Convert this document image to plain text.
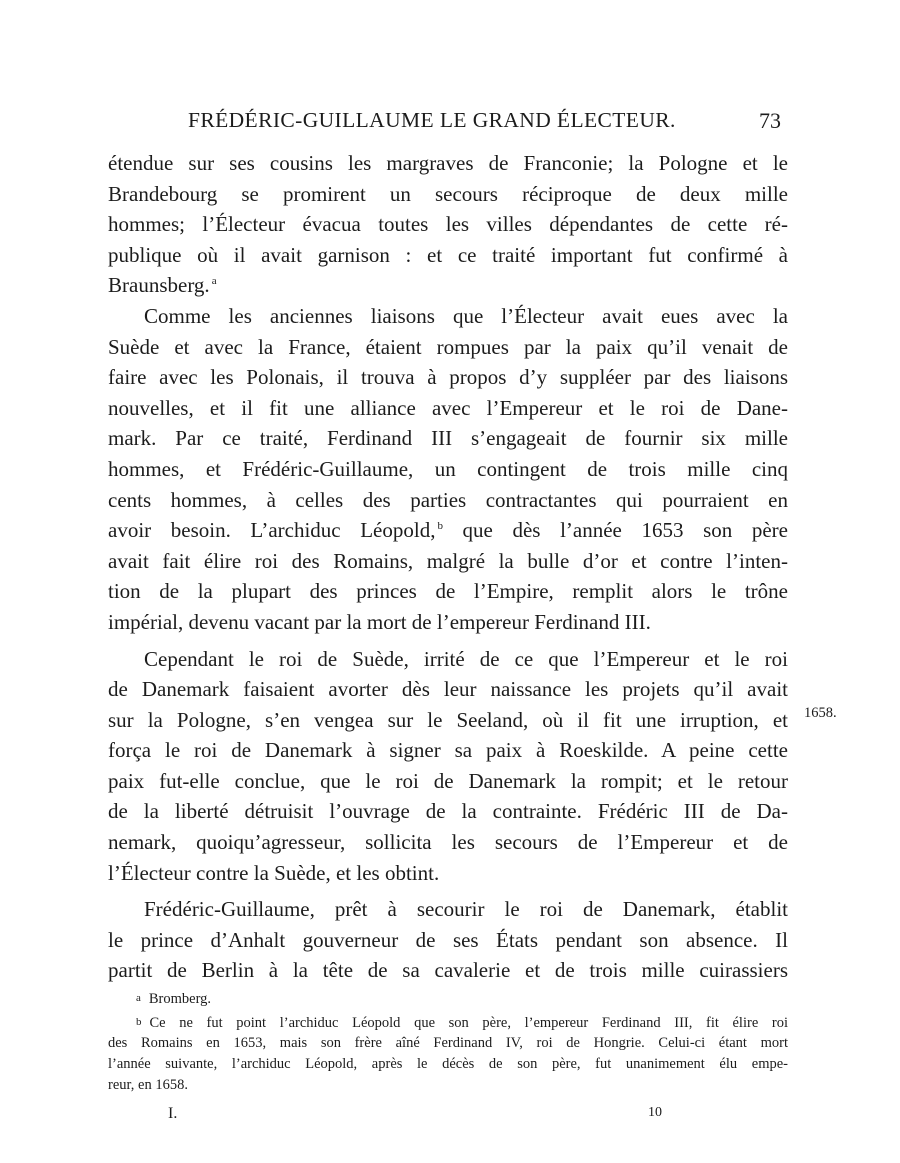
FRÉDÉRIC-GUILLAUME LE GRAND ÉLECTEUR.	73
étendue sur ses cousins les margraves de Franconie; la Pologne et le
Brandebourg se promirent un secours réciproque de deux mille
hommes; l’Électeur évacua toutes les villes dépendantes de cette ré-
publique où il avait garnison : et ce traité important fut confirmé à
Braunsberg. $^a$
Comme les anciennes liaisons que l’Électeur avait eues avec la
Suède et avec la France, étaient rompues par la paix qu’il venait de
faire avec les Polonais, il trouva à propos d’y suppléer par des liaisons
nouvelles, et il fit une alliance avec l’Empereur et le roi de Dane-
mark. Par ce traité, Ferdinand III s’engageait de fournir six mille
hommes, et Frédéric-Guillaume, un contingent de trois mille cinq
cents hommes, à celles des parties contractantes qui pourraient en
avoir besoin. L’archiduc Léopold, $^b$ que dès l’année 1653 son père
avait fait élire roi des Romains, malgré la bulle d’or et contre l’inten-
tion de la plupart des princes de l’Empire, remplit alors le trône
impérial, devenu vacant par la mort de l’empereur Ferdinand III.
Cependant le roi de Suède, irrité de ce que l’Empereur et le roi
de Danemark faisaient avorter dès leur naissance les projets qu’il avait
sur la Pologne, s’en vengea sur le Seeland, où il fit une irruption, et
força le roi de Danemark à signer sa paix à Roeskilde. A peine cette
paix fut-elle conclue, que le roi de Danemark la rompit; et le retour
de la liberté détruisit l’ouvrage de la contrainte. Frédéric III de Da-
nemark, quoiqu’agresseur, sollicita les secours de l’Empereur et de
l’Électeur contre la Suède, et les obtint.
Frédéric-Guillaume, prêt à secourir le roi de Danemark, établit
le prince d’Anhalt gouverneur de ses États pendant son absence. Il
partit de Berlin à la tête de sa cavalerie et de trois mille cuirassiers
1658.
a Bromberg.
b Ce ne fut point l’archiduc Léopold que son père, l’empereur Ferdinand III, fit élire roi
des Romains en 1653, mais son frère aîné Ferdinand IV, roi de Hongrie. Celui-ci étant mort
l’année suivante, l’archiduc Léopold, après le décès de son père, fut unanimement élu empe-
reur, en 1658.
I.	10
